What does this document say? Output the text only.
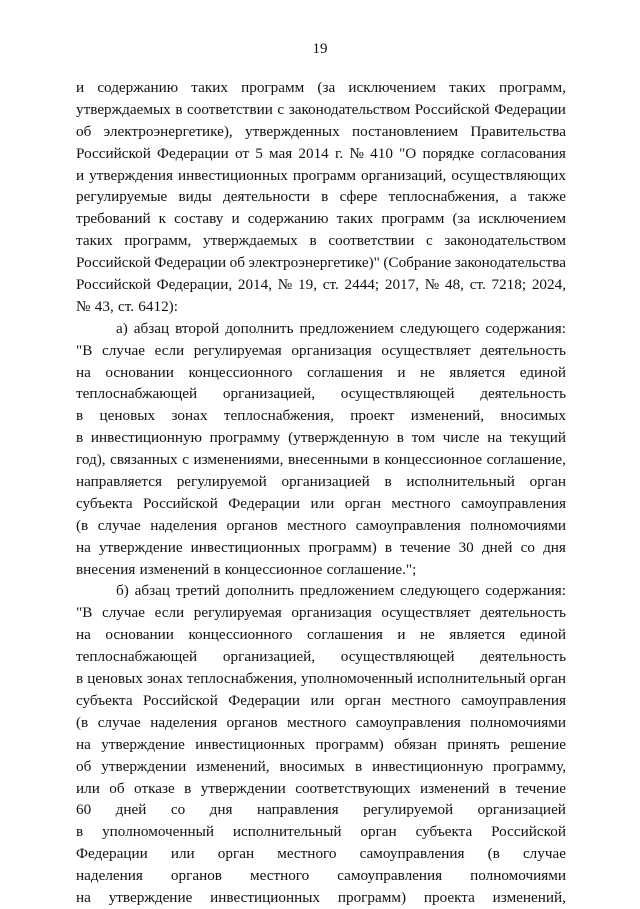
19
и содержанию таких программ (за исключением таких программ,
утверждаемых в соответствии с законодательством Российской Федерации
об электроэнергетике), утвержденных постановлением Правительства
Российской Федерации от 5 мая 2014 г. № 410 "О порядке согласования
и утверждения инвестиционных программ организаций, осуществляющих
регулируемые виды деятельности в сфере теплоснабжения, а также
требований к составу и содержанию таких программ (за исключением
таких программ, утверждаемых в соответствии с законодательством
Российской Федерации об электроэнергетике)" (Собрание законодательства
Российской Федерации, 2014, № 19, ст. 2444; 2017, № 48, ст. 7218; 2024,
№ 43, ст. 6412):
а) абзац второй дополнить предложением следующего содержания:
"В случае если регулируемая организация осуществляет деятельность
на основании концессионного соглашения и не является единой
теплоснабжающей организацией, осуществляющей деятельность
в ценовых зонах теплоснабжения, проект изменений, вносимых
в инвестиционную программу (утвержденную в том числе на текущий
год), связанных с изменениями, внесенными в концессионное соглашение,
направляется регулируемой организацией в исполнительный орган
субъекта Российской Федерации или орган местного самоуправления
(в случае наделения органов местного самоуправления полномочиями
на утверждение инвестиционных программ) в течение 30 дней со дня
внесения изменений в концессионное соглашение.";
б) абзац третий дополнить предложением следующего содержания:
"В случае если регулируемая организация осуществляет деятельность
на основании концессионного соглашения и не является единой
теплоснабжающей организацией, осуществляющей деятельность
в ценовых зонах теплоснабжения, уполномоченный исполнительный орган
субъекта Российской Федерации или орган местного самоуправления
(в случае наделения органов местного самоуправления полномочиями
на утверждение инвестиционных программ) обязан принять решение
об утверждении изменений, вносимых в инвестиционную программу,
или об отказе в утверждении соответствующих изменений в течение
60 дней со дня направления регулируемой организацией
в уполномоченный исполнительный орган субъекта Российской
Федерации или орган местного самоуправления (в случае
наделения органов местного самоуправления полномочиями
на утверждение инвестиционных программ) проекта изменений,
